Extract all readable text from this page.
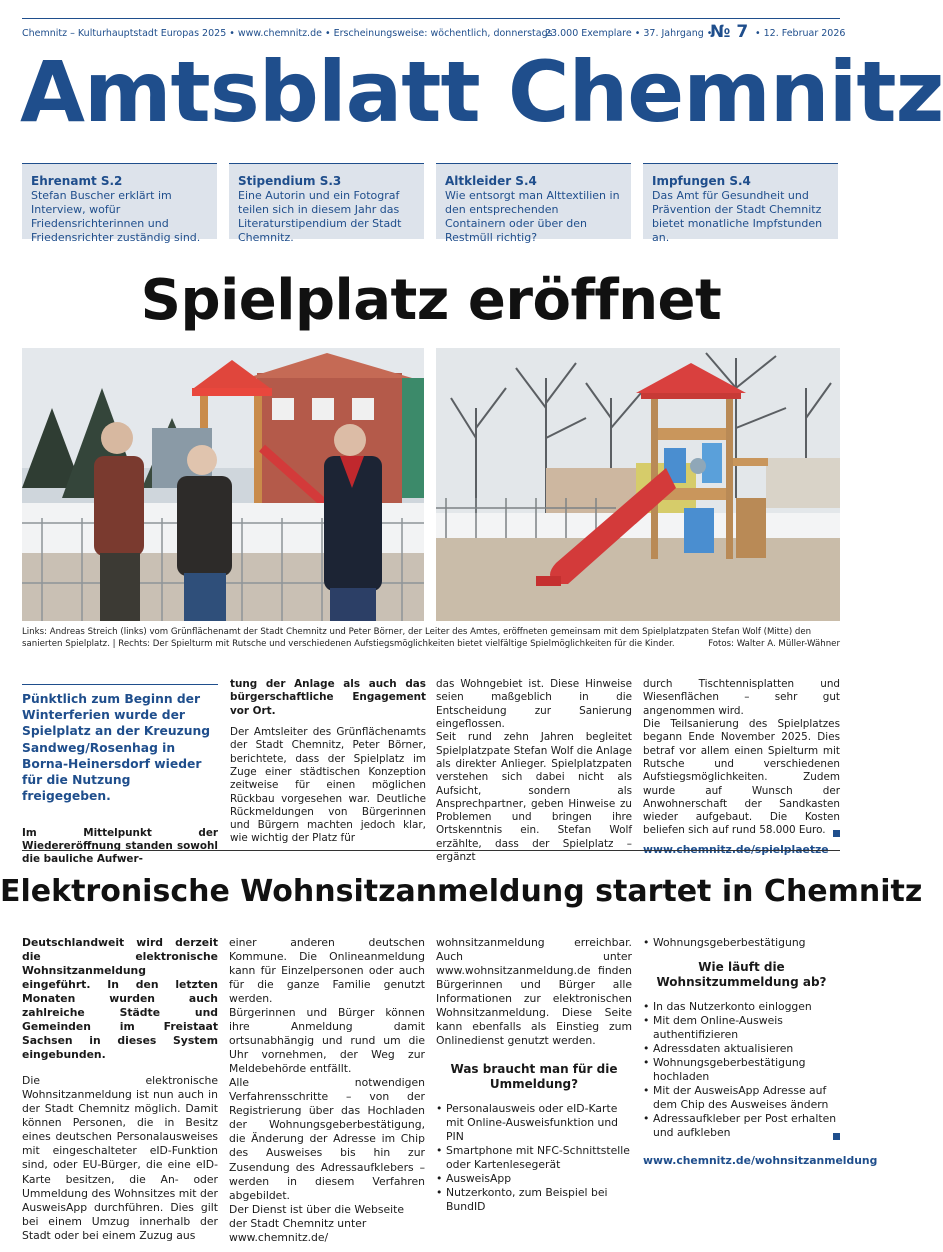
Chemnitz – Kulturhauptstadt Europas 2025 • www.chemnitz.de • Erscheinungsweise: wöchentlich, donnerstags
23.000 Exemplare • 37. Jahrgang •
№ 7 • 12. Februar 2026
Amtsblatt Chemnitz
Ehrenamt S.2
Stefan Buscher erklärt im Interview, wofür Friedensrichterinnen und Friedensrichter zuständig sind.
Stipendium S.3
Eine Autorin und ein Fotograf teilen sich in diesem Jahr das Literaturstipendium der Stadt Chemnitz.
Altkleider S.4
Wie entsorgt man Alttextilien in den entsprechenden Containern oder über den Restmüll richtig?
Impfungen S.4
Das Amt für Gesundheit und Prävention der Stadt Chemnitz bietet monatliche Impfstunden an.
Spielplatz eröffnet
Links: Andreas Streich (links) vom Grünflächenamt der Stadt Chemnitz und Peter Börner, der Leiter des Amtes, eröffneten gemeinsam mit dem Spielplatzpaten Stefan Wolf (Mitte) den sanierten Spielplatz. | Rechts: Der Spielturm mit Rutsche und verschiedenen Aufstiegsmöglichkeiten bietet vielfältige Spielmöglichkeiten für die Kinder.	Fotos: Walter A. Müller-Wähner
Pünktlich zum Beginn der Winterferien wurde der Spielplatz an der Kreuzung Sandweg/Rosenhag in Borna-Heinersdorf wieder für die Nutzung freigegeben.
Im Mittelpunkt der Wiedereröffnung standen sowohl die bauliche Aufwer-

tung der Anlage als auch das bürgerschaftliche Engagement vor Ort.

Der Amtsleiter des Grünflächenamts der Stadt Chemnitz, Peter Börner, berichtete, dass der Spielplatz im Zuge einer städtischen Konzeption zeitweise für einen möglichen Rückbau vorgesehen war. Deutliche Rückmeldungen von Bürgerinnen und Bürgern machten jedoch klar, wie wichtig der Platz für

das Wohngebiet ist. Diese Hinweise seien maßgeblich in die Entscheidung zur Sanierung eingeflossen.

Seit rund zehn Jahren begleitet Spielplatzpate Stefan Wolf die Anlage als direkter Anlieger. Spielplatzpaten verstehen sich dabei nicht als Aufsicht, sondern als Ansprechpartner, geben Hinweise zu Problemen und bringen ihre Ortskenntnis ein. Stefan Wolf erzählte, dass der Spielplatz – ergänzt

durch Tischtennisplatten und Wiesenflächen – sehr gut angenommen wird.

Die Teilsanierung des Spielplatzes begann Ende November 2025. Dies betraf vor allem einen Spielturm mit Rutsche und verschiedenen Aufstiegsmöglichkeiten. Zudem wurde auf Wunsch der Anwohnerschaft der Sandkasten wieder aufgebaut. Die Kosten beliefen sich auf rund 58.000 Euro.

www.chemnitz.de/spielplaetze
Elektronische Wohnsitzanmeldung startet in Chemnitz

Deutschlandweit wird derzeit die elektronische Wohnsitzanmeldung eingeführt. In den letzten Monaten wurden auch zahlreiche Städte und Gemeinden im Freistaat Sachsen in dieses System eingebunden.

Die elektronische Wohnsitzanmeldung ist nun auch in der Stadt Chemnitz möglich. Damit können Personen, die in Besitz eines deutschen Personalausweises mit eingeschalteter eID-Funktion sind, oder EU-Bürger, die eine eID-Karte besitzen, die An- oder Ummeldung des Wohnsitzes mit der AusweisApp durchführen. Dies gilt bei einem Umzug innerhalb der Stadt oder bei einem Zuzug aus

einer anderen deutschen Kommune. Die Onlineanmeldung kann für Einzelpersonen oder auch für die ganze Familie genutzt werden.

Bürgerinnen und Bürger können ihre Anmeldung damit ortsunabhängig und rund um die Uhr vornehmen, der Weg zur Meldebehörde entfällt.

Alle notwendigen Verfahrensschritte – von der Registrierung über das Hochladen der Wohnungsgeberbestätigung, die Änderung der Adresse im Chip des Ausweises bis hin zur Zusendung des Adressaufklebers – werden in diesem Verfahren abgebildet.

Der Dienst ist über die Webseite der Stadt Chemnitz unter www.chemnitz.de/

wohnsitzanmeldung erreichbar. Auch unter www.wohnsitzanmeldung.de finden Bürgerinnen und Bürger alle Informationen zur elektronischen Wohnsitzanmeldung. Diese Seite kann ebenfalls als Einstieg zum Onlinedienst genutzt werden.

Was braucht man für die Ummeldung?
• Personalausweis oder eID-Karte mit Online-Ausweisfunktion und PIN
• Smartphone mit NFC-Schnittstelle oder Kartenlesegerät
• AusweisApp
• Nutzerkonto, zum Beispiel bei BundID
• Wohnungsgeberbestätigung
Wie läuft die Wohnsitzummeldung ab?
• In das Nutzerkonto einloggen
• Mit dem Online-Ausweis authentifizieren
• Adressdaten aktualisieren
• Wohnungsgeberbestätigung hochladen
• Mit der AusweisApp Adresse auf dem Chip des Ausweises ändern
• Adressaufkleber per Post erhalten und aufkleben
www.chemnitz.de/wohnsitzanmeldung
